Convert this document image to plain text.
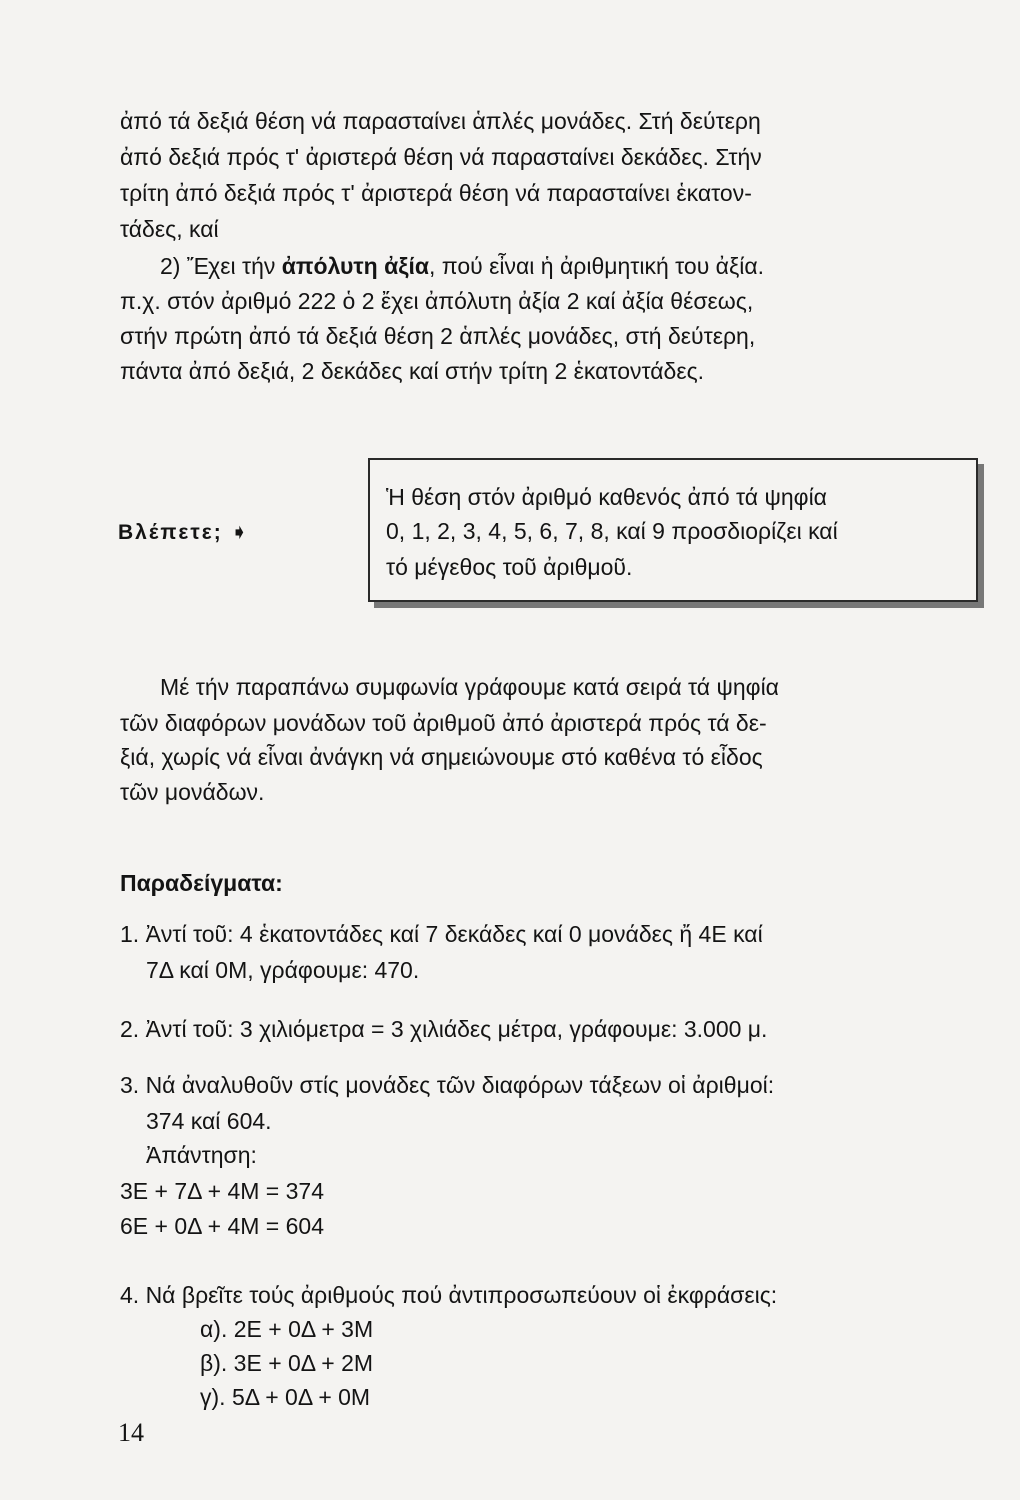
ἀπό τά δεξιά θέση νά παρασταίνει ἁπλές μονάδες. Στή δεύτερη

ἀπό δεξιά πρός τ' ἀριστερά θέση νά παρασταίνει δεκάδες. Στήν

τρίτη ἀπό δεξιά πρός τ' ἀριστερά θέση νά παρασταίνει ἑκατον-

τάδες, καί

2) Ἔχει τήν ἀπόλυτη ἀξία, πού εἶναι ἡ ἀριθμητική του ἀξία.

π.χ. στόν ἀριθμό 222 ὁ 2 ἔχει ἀπόλυτη ἀξία 2 καί ἀξία θέσεως,

στήν πρώτη ἀπό τά δεξιά θέση 2 ἁπλές μονάδες, στή δεύτερη,

πάντα ἀπό δεξιά, 2 δεκάδες καί στήν τρίτη 2 ἑκατοντάδες.

Βλέπετε; ➧

Ἡ θέση στόν ἀριθμό καθενός ἀπό τά ψηφία

0, 1, 2, 3, 4, 5, 6, 7, 8, καί 9 προσδιορίζει καί

τό μέγεθος τοῦ ἀριθμοῦ.

Μέ τήν παραπάνω συμφωνία γράφουμε κατά σειρά τά ψηφία

τῶν διαφόρων μονάδων τοῦ ἀριθμοῦ ἀπό ἀριστερά πρός τά δε-

ξιά, χωρίς νά εἶναι ἀνάγκη νά σημειώνουμε στό καθένα τό εἶδος

τῶν μονάδων.

Παραδείγματα:

1. Ἀντί τοῦ: 4 ἑκατοντάδες καί 7 δεκάδες καί 0 μονάδες ἤ 4Ε καί

7Δ καί 0Μ, γράφουμε: 470.

2. Ἀντί τοῦ: 3 χιλιόμετρα = 3 χιλιάδες μέτρα, γράφουμε: 3.000 μ.

3. Νά ἀναλυθοῦν στίς μονάδες τῶν διαφόρων τάξεων οἱ ἀριθμοί:

374 καί 604.

Ἀπάντηση:

3Ε + 7Δ + 4Μ = 374

6Ε + 0Δ + 4Μ = 604

4. Νά βρεῖτε τούς ἀριθμούς πού ἀντιπροσωπεύουν οἱ ἐκφράσεις:

α). 2Ε + 0Δ + 3Μ

β). 3Ε + 0Δ + 2Μ

γ). 5Δ + 0Δ + 0Μ

14
